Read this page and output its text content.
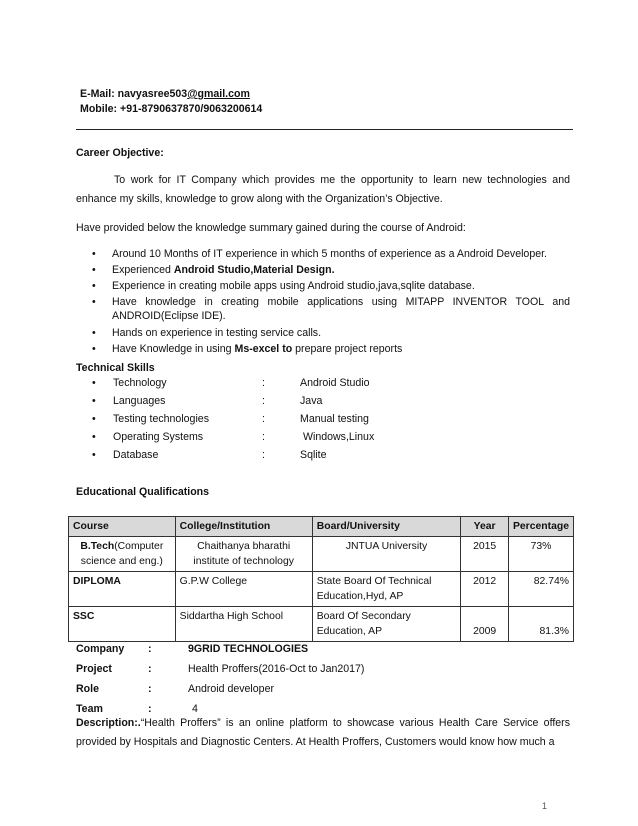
E-Mail: navyasree503@gmail.com
Mobile: +91-8790637870/9063200614
Career Objective:
To work for IT Company which provides me the opportunity to learn new technologies and enhance my skills, knowledge to grow along with the Organization’s Objective.
Have provided below the knowledge summary gained during the course of Android:
• Around 10 Months of IT experience in which 5 months of experience as a Android Developer.
• Experienced Android Studio,Material Design.
• Experience in creating mobile apps using Android studio,java,sqlite database.
• Have knowledge in creating mobile applications using MITAPP INVENTOR TOOL and ANDROID(Eclipse IDE).
• Hands on experience in testing service calls.
• Have Knowledge in using Ms-excel to prepare project reports
Technical Skills
• Technology	:	Android Studio
• Languages	:	Java
• Testing technologies	:	Manual testing
• Operating Systems	:	Windows,Linux
• Database	:	Sqlite
Educational Qualifications
Course	College/Institution	Board/University	Year	Percentage
B.Tech(Computer science and eng.)	Chaithanya bharathi institute of technology	JNTUA University	2015	73%
DIPLOMA	G.P.W College	State Board Of Technical Education,Hyd, AP	2012	82.74%
SSC	Siddartha High School	Board Of Secondary Education, AP	2009	81.3%
Company :	9GRID TECHNOLOGIES
Project	:	Health Proffers(2016-Oct to Jan2017)
Role	:	Android developer
Team	:	4
Description:.“Health Proffers” is an online platform to showcase various Health Care Service offers provided by Hospitals and Diagnostic Centers. At Health Proffers, Customers would know how much a
1
